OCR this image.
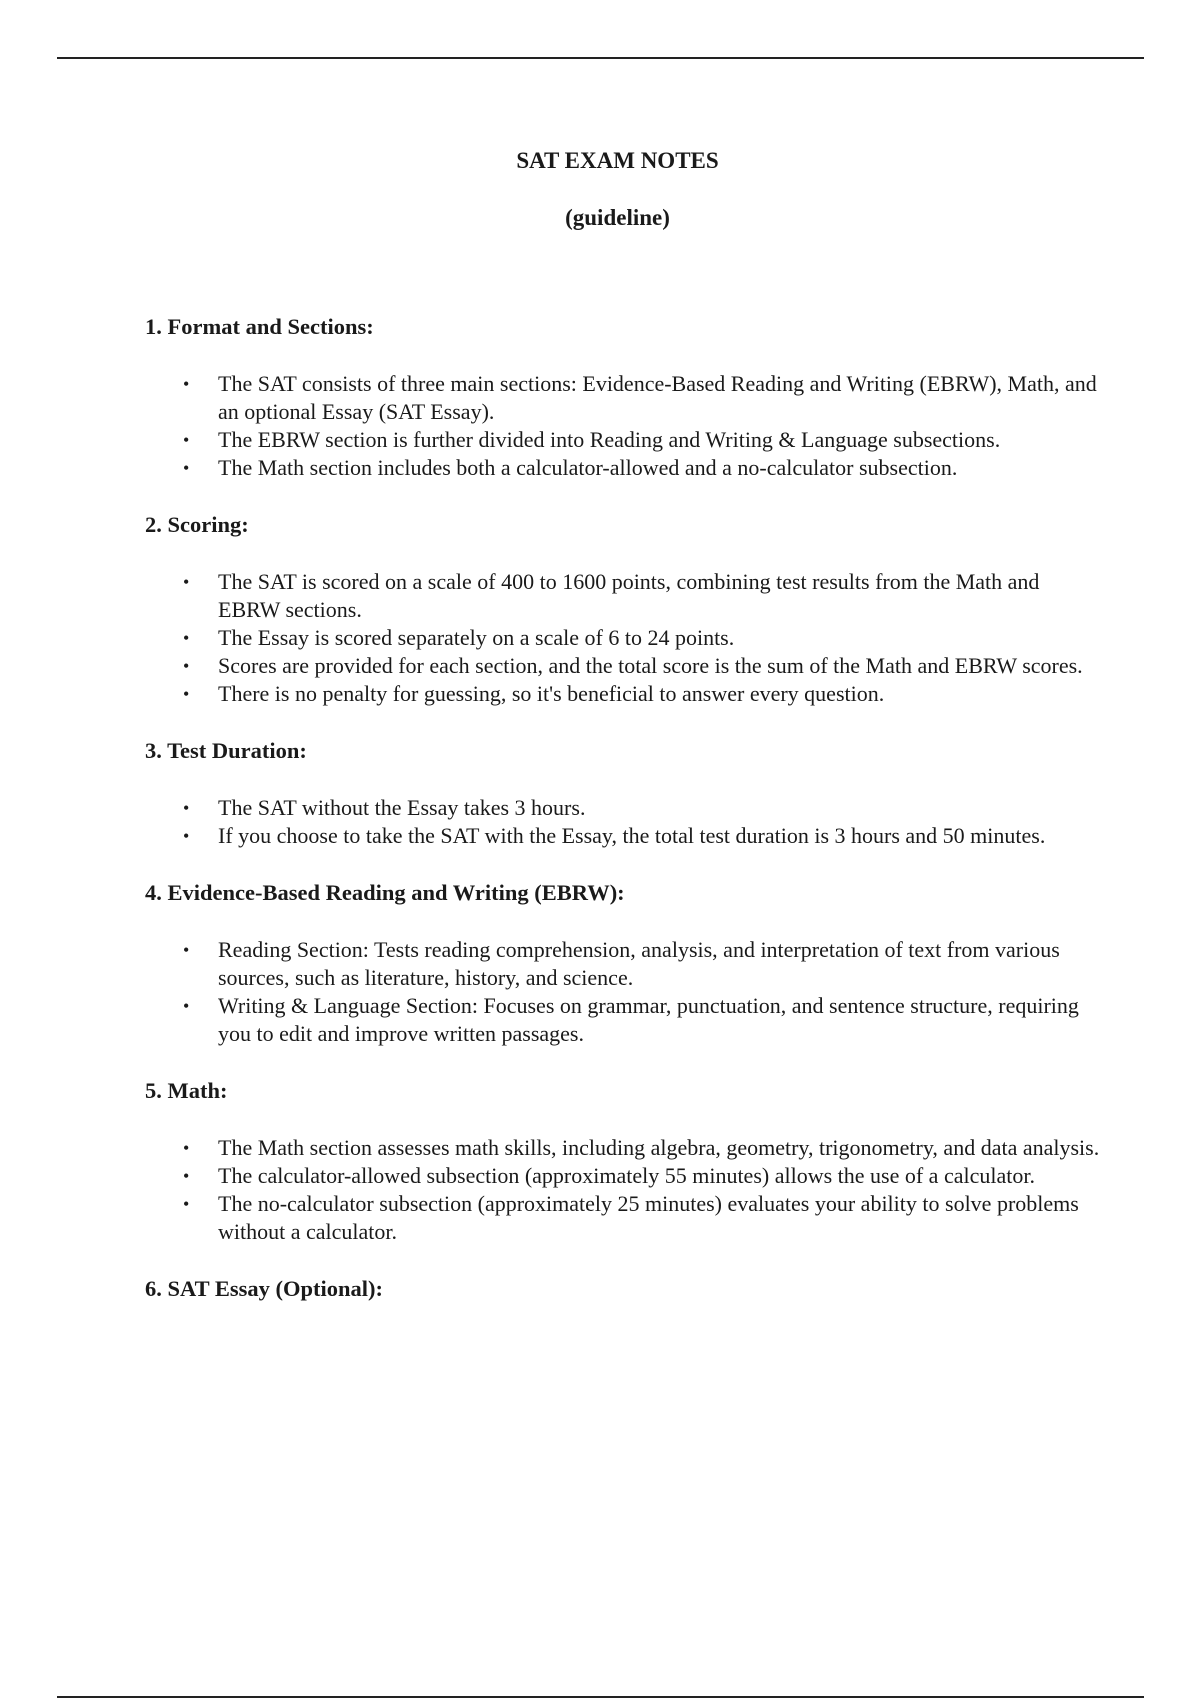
SAT EXAM NOTES
(guideline)

1. Format and Sections:

• The SAT consists of three main sections: Evidence-Based Reading and Writing (EBRW), Math, and an optional Essay (SAT Essay).
• The EBRW section is further divided into Reading and Writing & Language subsections.
• The Math section includes both a calculator-allowed and a no-calculator subsection.

2. Scoring:

• The SAT is scored on a scale of 400 to 1600 points, combining test results from the Math and EBRW sections.
• The Essay is scored separately on a scale of 6 to 24 points.
• Scores are provided for each section, and the total score is the sum of the Math and EBRW scores.
• There is no penalty for guessing, so it's beneficial to answer every question.

3. Test Duration:

• The SAT without the Essay takes 3 hours.
• If you choose to take the SAT with the Essay, the total test duration is 3 hours and 50 minutes.

4. Evidence-Based Reading and Writing (EBRW):

• Reading Section: Tests reading comprehension, analysis, and interpretation of text from various sources, such as literature, history, and science.
• Writing & Language Section: Focuses on grammar, punctuation, and sentence structure, requiring you to edit and improve written passages.

5. Math:

• The Math section assesses math skills, including algebra, geometry, trigonometry, and data analysis.
• The calculator-allowed subsection (approximately 55 minutes) allows the use of a calculator.
• The no-calculator subsection (approximately 25 minutes) evaluates your ability to solve problems without a calculator.

6. SAT Essay (Optional):
